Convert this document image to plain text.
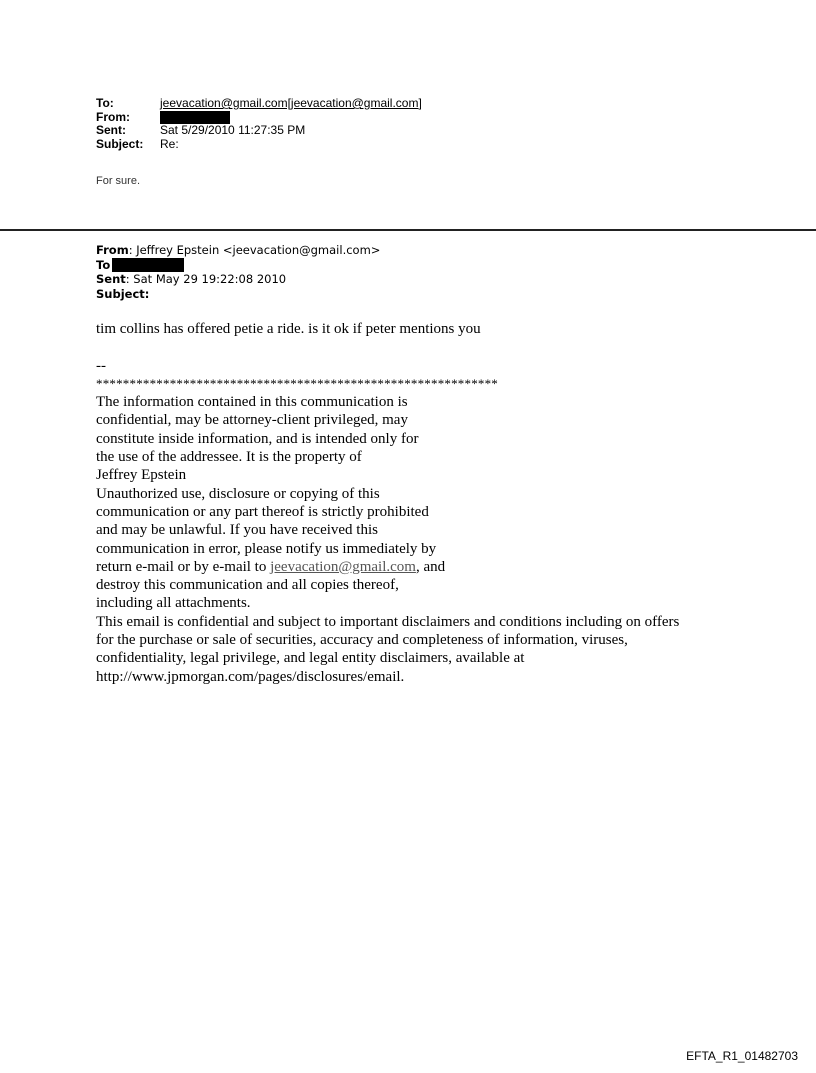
To:	jeevacation@gmail.com[jeevacation@gmail.com]
From:
Sent:	Sat 5/29/2010 11:27:35 PM
Subject:	Re:
For sure.
From : Jeffrey Epstein <jeevacation@gmail.com>
To
Sent : Sat May 29 19:22:08 2010
Subject :
tim collins has offered petie a ride. is it ok if peter mentions you
--
************************************************************
The information contained in this communication is
confidential, may be attorney-client privileged, may
constitute inside information, and is intended only for
the use of the addressee. It is the property of
Jeffrey Epstein
Unauthorized use, disclosure or copying of this
communication or any part thereof is strictly prohibited
and may be unlawful. If you have received this
communication in error, please notify us immediately by
return e-mail or by e-mail to jeevacation@gmail.com, and
destroy this communication and all copies thereof,
including all attachments.
This email is confidential and subject to important disclaimers and conditions including on offers
for the purchase or sale of securities, accuracy and completeness of information, viruses,
confidentiality, legal privilege, and legal entity disclaimers, available at
http://www.jpmorgan.com/pages/disclosures/email.
EFTA_R1_01482703
